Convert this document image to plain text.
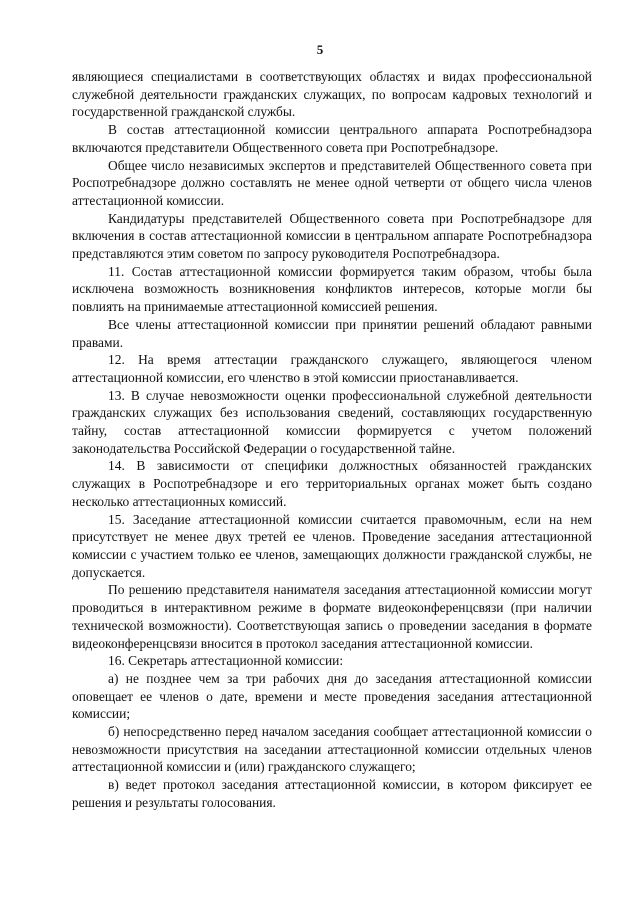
5

являющиеся специалистами в соответствующих областях и видах профессиональной служебной деятельности гражданских служащих, по вопросам кадровых технологий и государственной гражданской службы.

В состав аттестационной комиссии центрального аппарата Роспотребнадзора включаются представители Общественного совета при Роспотребнадзоре.

Общее число независимых экспертов и представителей Общественного совета при Роспотребнадзоре должно составлять не менее одной четверти от общего числа членов аттестационной комиссии.

Кандидатуры представителей Общественного совета при Роспотребнадзоре для включения в состав аттестационной комиссии в центральном аппарате Роспотребнадзора представляются этим советом по запросу руководителя Роспотребнадзора.

11. Состав аттестационной комиссии формируется таким образом, чтобы была исключена возможность возникновения конфликтов интересов, которые могли бы повлиять на принимаемые аттестационной комиссией решения.

Все члены аттестационной комиссии при принятии решений обладают равными правами.

12. На время аттестации гражданского служащего, являющегося членом аттестационной комиссии, его членство в этой комиссии приостанавливается.

13. В случае невозможности оценки профессиональной служебной деятельности гражданских служащих без использования сведений, составляющих государственную тайну, состав аттестационной комиссии формируется с учетом положений законодательства Российской Федерации о государственной тайне.

14. В зависимости от специфики должностных обязанностей гражданских служащих в Роспотребнадзоре и его территориальных органах может быть создано несколько аттестационных комиссий.

15. Заседание аттестационной комиссии считается правомочным, если на нем присутствует не менее двух третей ее членов. Проведение заседания аттестационной комиссии с участием только ее членов, замещающих должности гражданской службы, не допускается.

По решению представителя нанимателя заседания аттестационной комиссии могут проводиться в интерактивном режиме в формате видеоконференцсвязи (при наличии технической возможности). Соответствующая запись о проведении заседания в формате видеоконференцсвязи вносится в протокол заседания аттестационной комиссии.

16. Секретарь аттестационной комиссии:

а) не позднее чем за три рабочих дня до заседания аттестационной комиссии оповещает ее членов о дате, времени и месте проведения заседания аттестационной комиссии;

б) непосредственно перед началом заседания сообщает аттестационной комиссии о невозможности присутствия на заседании аттестационной комиссии отдельных членов аттестационной комиссии и (или) гражданского служащего;

в) ведет протокол заседания аттестационной комиссии, в котором фиксирует ее решения и результаты голосования.
